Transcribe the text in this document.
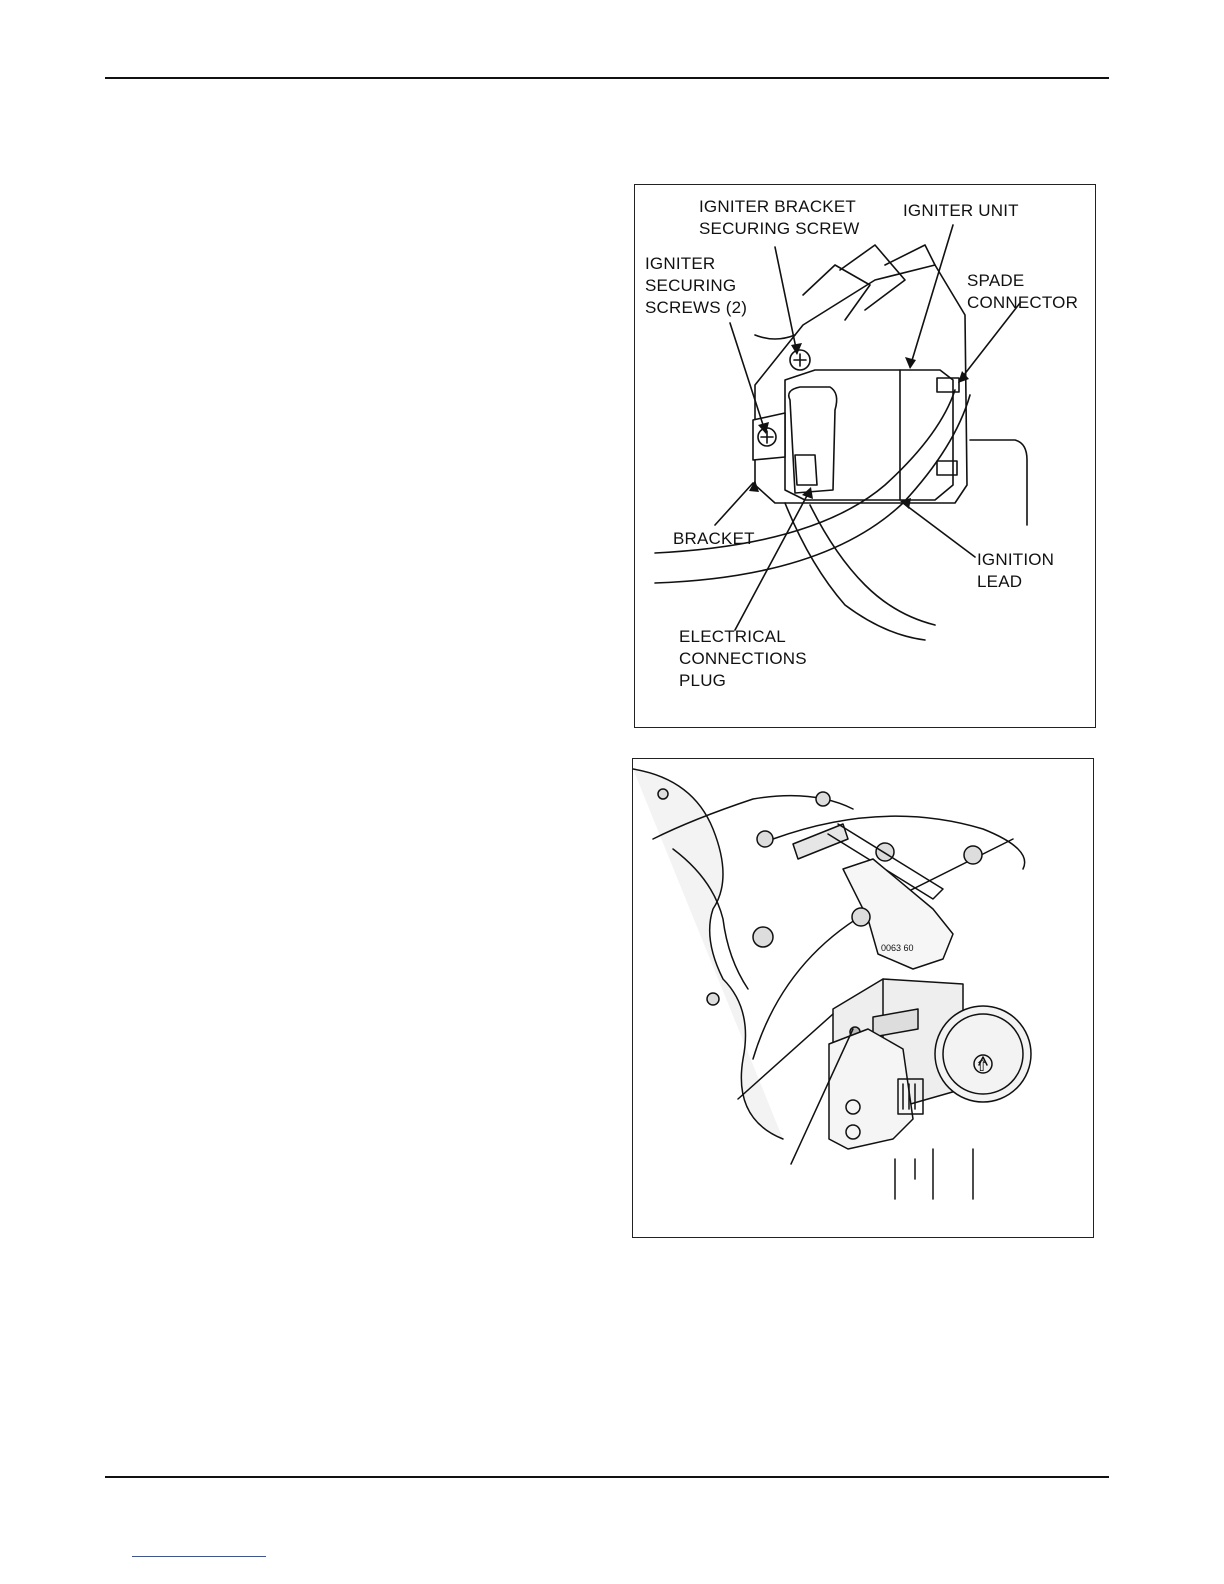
IGNITER BRACKET
SECURING SCREW
IGNITER UNIT
IGNITER
SECURING
SCREWS (2)
SPADE
CONNECTOR
BRACKET
IGNITION
LEAD
ELECTRICAL
CONNECTIONS
PLUG
0063 60
⇧
